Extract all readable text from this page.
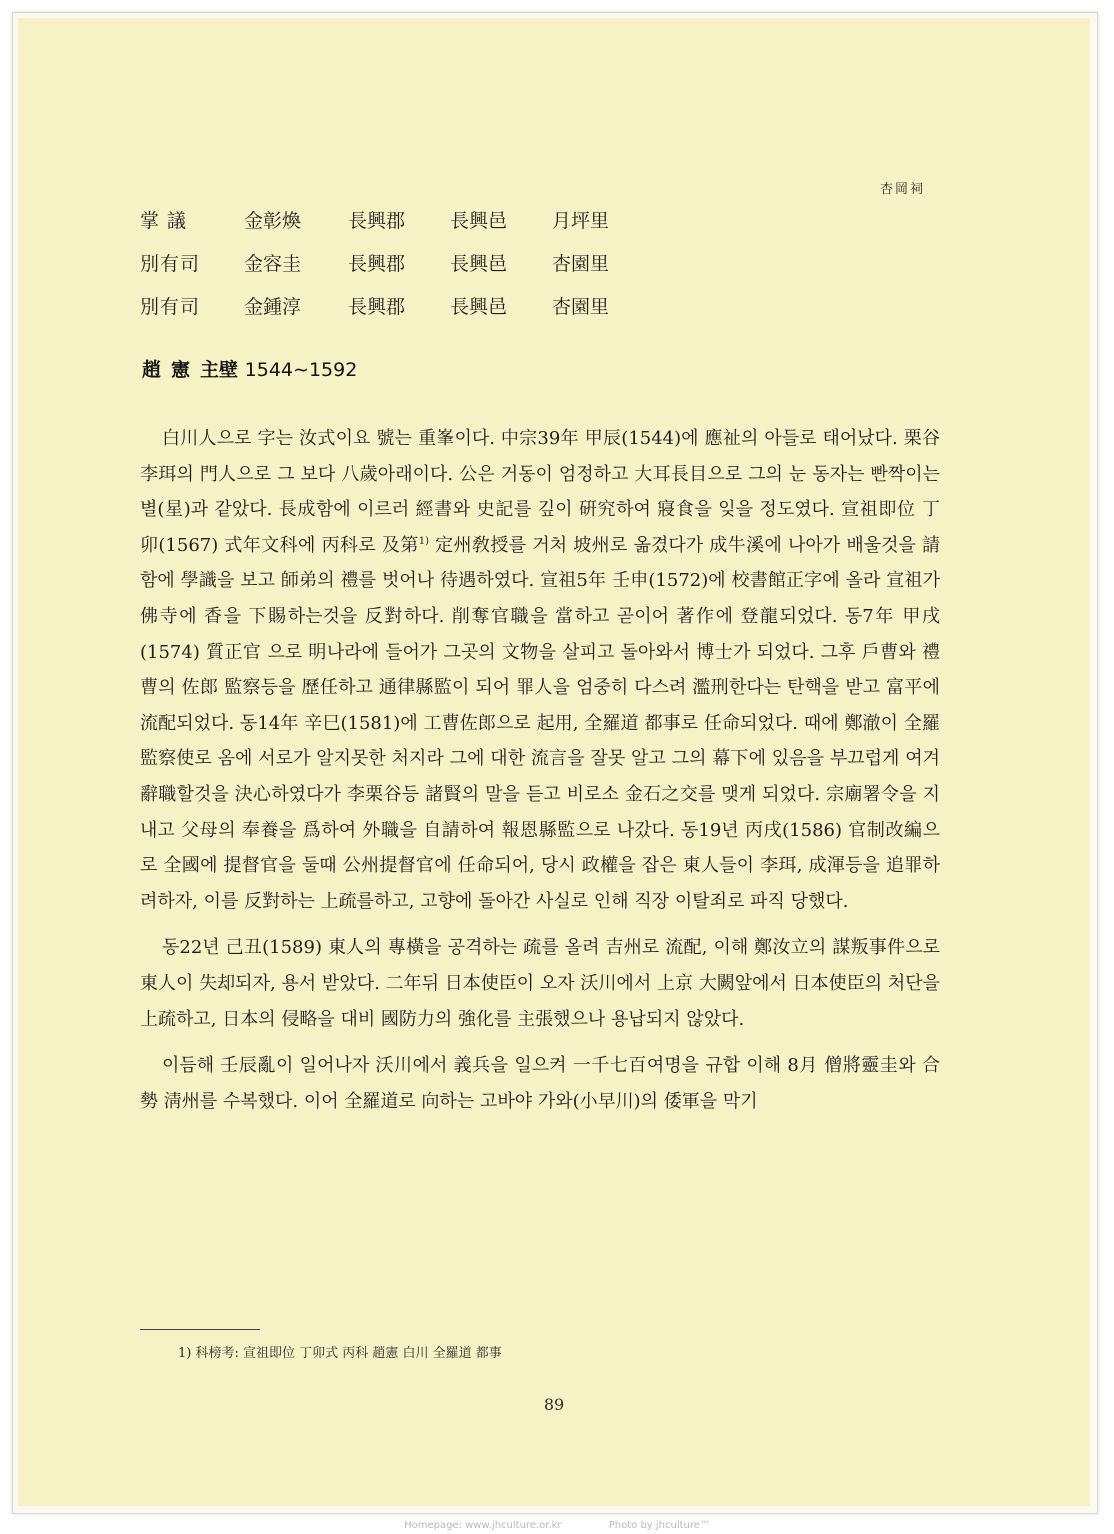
杏岡祠
掌 議	金彰煥	長興郡	長興邑	月坪里
別有司	金容圭	長興郡	長興邑	杏園里
別有司	金鍾淳	長興郡	長興邑	杏園里
趙 憲 主壁 1544∼1592

白川人으로 字는 汝式이요 號는 重峯이다. 中宗39年 甲辰(1544)에 應祉의 아들로 태어났다. 栗谷 李珥의 門人으로 그 보다 八歲아래이다. 公은 거동이 엄정하고 大耳長目으로 그의 눈 동자는 빤짝이는 별(星)과 같았다. 長成함에 이르러 經書와 史記를 깊이 硏究하여 寢食을 잊을 정도였다. 宣祖即位 丁卯(1567) 式年文科에 丙科로 及第$^{1)}$ 定州敎授를 거처 坡州로 옮겼다가 成牛溪에 나아가 배울것을 請함에 學識을 보고 師弟의 禮를 벗어나 待遇하였다. 宣祖5年 壬申(1572)에 校書館正字에 올라 宣祖가 佛寺에 香을 下賜하는것을 反對하다. 削奪官職을 當하고 곧이어 著作에 登龍되었다. 동7年 甲戌(1574) 質正官 으로 明나라에 들어가 그곳의 文物을 살피고 돌아와서 博士가 되었다. 그후 戶曹와 禮曹의 佐郎 監察등을 歷任하고 通律縣監이 되어 罪人을 엄중히 다스려 濫刑한다는 탄핵을 받고 富平에 流配되었다. 동14年 辛巳(1581)에 工曹佐郎으로 起用, 全羅道 都事로 任命되었다. 때에 鄭澈이 全羅監察使로 옴에 서로가 알지못한 처지라 그에 대한 流言을 잘못 알고 그의 幕下에 있음을 부끄럽게 여겨 辭職할것을 決心하였다가 李栗谷등 諸賢의 말을 듣고 비로소 金石之交를 맺게 되었다. 宗廟署令을 지내고 父母의 奉養을 爲하여 外職을 自請하여 報恩縣監으로 나갔다. 동19년 丙戌(1586) 官制改編으로 全國에 提督官을 둘때 公州提督官에 任命되어, 당시 政權을 잡은 東人들이 李珥, 成渾등을 追罪하려하자, 이를 反對하는 上疏를하고, 고향에 돌아간 사실로 인해 직장 이탈죄로 파직 당했다.

동22년 己丑(1589) 東人의 專橫을 공격하는 疏를 올려 吉州로 流配, 이해 鄭汝立의 謀叛事件으로 東人이 失却되자, 용서 받았다. 二年뒤 日本使臣이 오자 沃川에서 上京 大闕앞에서 日本使臣의 처단을 上疏하고, 日本의 侵略을 대비 國防力의 強化를 主張했으나 용납되지 않았다.

이듬해 壬辰亂이 일어나자 沃川에서 義兵을 일으켜 一千七百여명을 규합 이해 8月 僧將靈圭와 合勢 淸州를 수복했다. 이어 全羅道로 向하는 고바야 가와(小早川)의 倭軍을 막기

1) 科榜考: 宣祖即位 丁卯式 丙科 趙憲 白川 全羅道 都事
89
Homepage: www.jhculture.or.kr	Photo by jhculture™
